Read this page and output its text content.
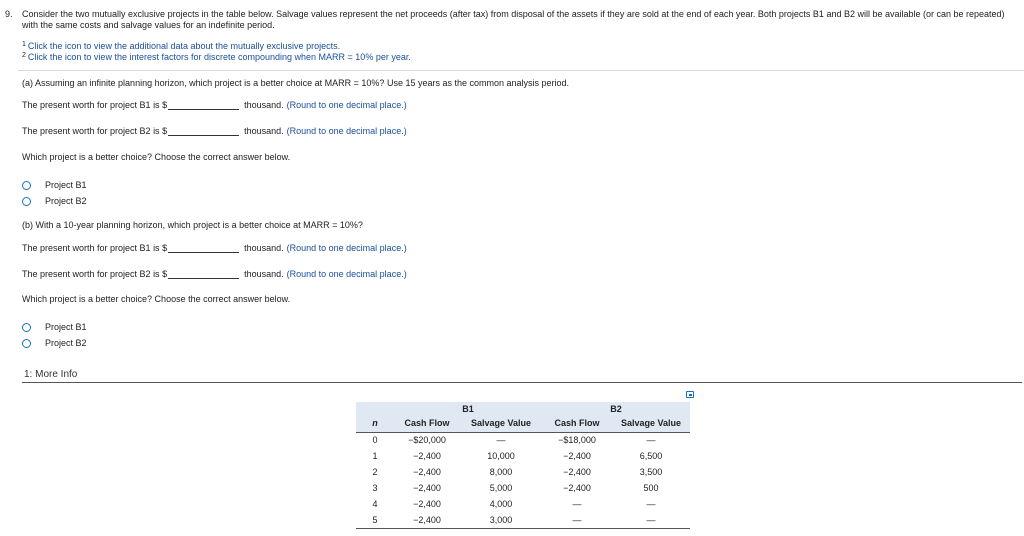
9. Consider the two mutually exclusive projects in the table below. Salvage values represent the net proceeds (after tax) from disposal of the assets if they are sold at the end of each year. Both projects B1 and B2 will be available (or can be repeated) with the same costs and salvage values for an indefinite period.
$^1$ Click the icon to view the additional data about the mutually exclusive projects.
$^2$ Click the icon to view the interest factors for discrete compounding when MARR = 10% per year.
(a) Assuming an infinite planning horizon, which project is a better choice at MARR = 10%? Use 15 years as the common analysis period.
The present worth for project B1 is $	thousand. (Round to one decimal place.)
The present worth for project B2 is $	thousand. (Round to one decimal place.)
Which project is a better choice? Choose the correct answer below.
Project B1
Project B2
(b) With a 10-year planning horizon, which project is a better choice at MARR = 10%?
The present worth for project B1 is $	thousand. (Round to one decimal place.)
The present worth for project B2 is $	thousand. (Round to one decimal place.)
Which project is a better choice? Choose the correct answer below.
Project B1
Project B2
1: More Info
	B1		B2	
n	Cash Flow	Salvage Value	Cash Flow	Salvage Value
0	−$20,000	—	−$18,000	—
1	−2,400	10,000	−2,400	6,500
2	−2,400	8,000	−2,400	3,500
3	−2,400	5,000	−2,400	500
4	−2,400	4,000	—	—
5	−2,400	3,000	—	—
